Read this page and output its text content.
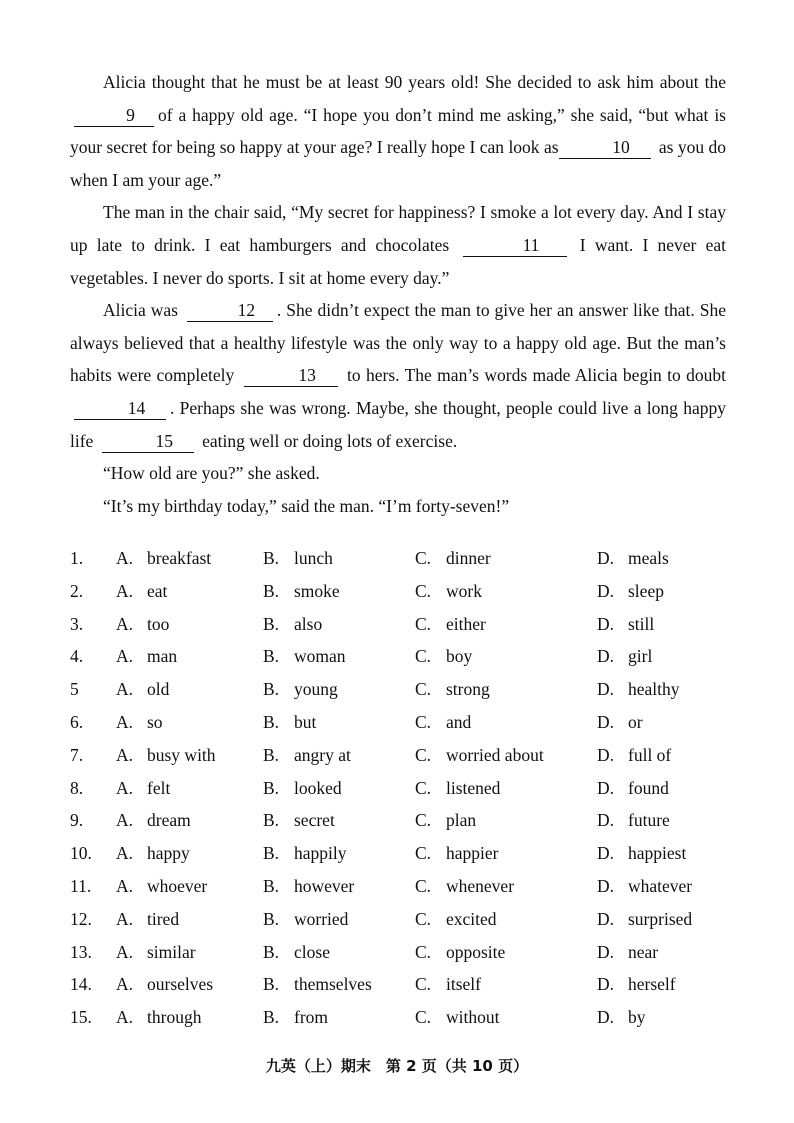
Alicia thought that he must be at least 90 years old! She decided to ask him about the9 of a happy old age. “I hope you don’t mind me asking,” she said, “but what is your secret for being so happy at your age? I really hope I can look as	10 as you do when I am your age.”

The man in the chair said, “My secret for happiness? I smoke a lot every day. And I stay up late to drink. I eat hamburgers and chocolates	11 I want. I never eat vegetables. I never do sports. I sit at home every day.”

Alicia was	12 . She didn’t expect the man to give her an answer like that. She always believed that a healthy lifestyle was the only way to a happy old age. But the man’s habits were completely	13 to hers. The man’s words made Alicia begin to doubt 14 . Perhaps she was wrong. Maybe, she thought, people could live a long happy life	15 eating well or doing lots of exercise.

“How old are you?” she asked.

“It’s my birthday today,” said the man. “I’m forty-seven!”

1. A. breakfast	B. lunch	C. dinner	D. meals
2. A. eat	B. smoke	C. work	D. sleep
3. A. too	B. also	C. either	D. still
4. A. man	B. woman	C. boy	D. girl
5 A. old	B. young	C. strong	D. healthy
6. A. so	B. but	C. and	D. or
7. A. busy with	B. angry at	C. worried about	D. full of
8. A. felt	B. looked	C. listened	D. found
9. A. dream	B. secret	C. plan	D. future
10. A. happy	B. happily	C. happier	D. happiest
11. A. whoever	B. however	C. whenever	D. whatever
12. A. tired	B. worried	C. excited	D. surprised
13. A. similar	B. close	C. opposite	D. near
14. A. ourselves	B. themselves C. itself	D. herself
15. A. through	B. from	C. without	D. by
九英（上）期末　第 2 页（共 10 页）
